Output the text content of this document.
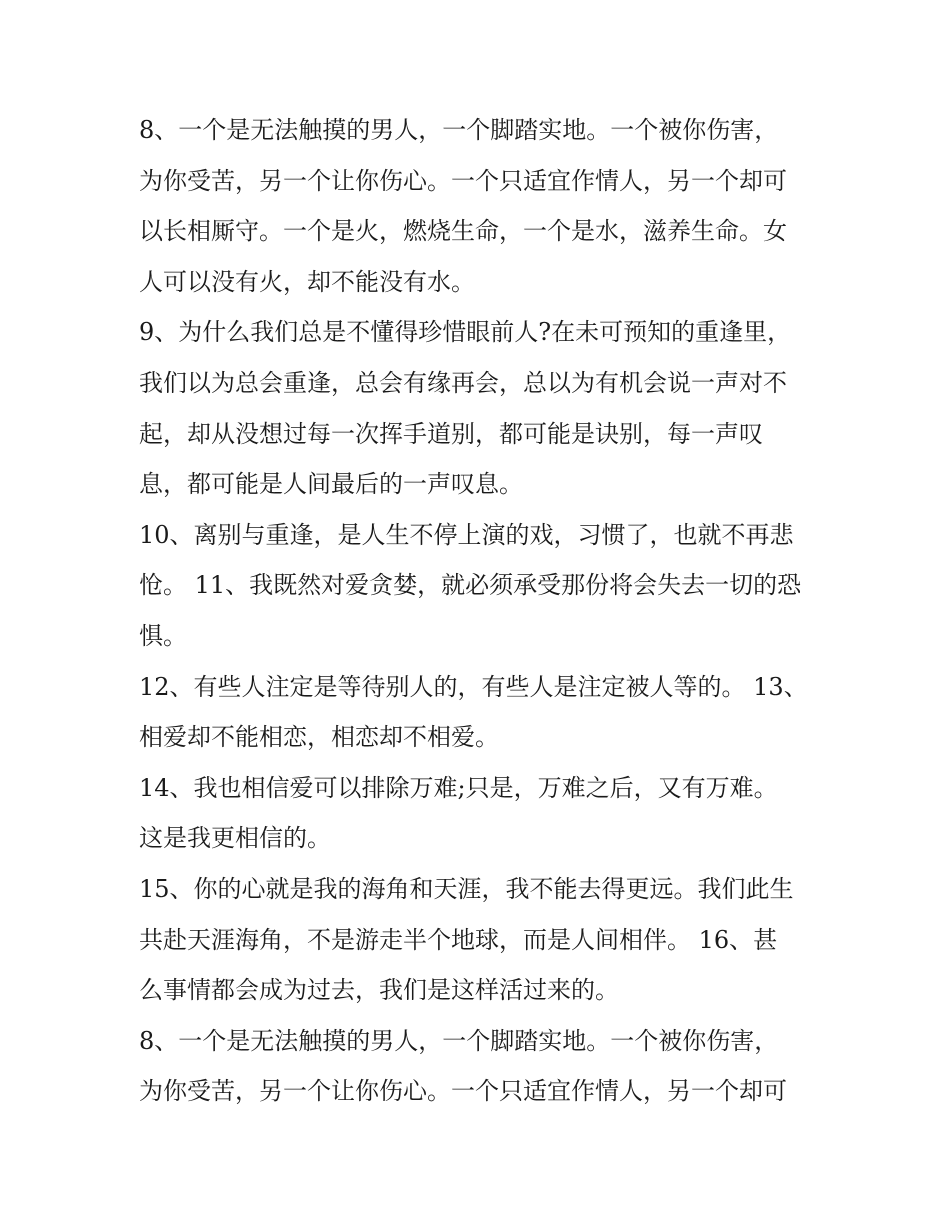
8、一个是无法触摸的男人，一个脚踏实地。一个被你伤害，
为你受苦，另一个让你伤心。一个只适宜作情人，另一个却可
以长相厮守。一个是火，燃烧生命，一个是水，滋养生命。女
人可以没有火，却不能没有水。
9、为什么我们总是不懂得珍惜眼前人?在未可预知的重逢里，
我们以为总会重逢，总会有缘再会，总以为有机会说一声对不
起，却从没想过每一次挥手道别，都可能是诀别，每一声叹
息，都可能是人间最后的一声叹息。
10、离别与重逢，是人生不停上演的戏，习惯了，也就不再悲
怆。 11、我既然对爱贪婪，就必须承受那份将会失去一切的恐
惧。
12、有些人注定是等待别人的，有些人是注定被人等的。 13、
相爱却不能相恋，相恋却不相爱。
14、我也相信爱可以排除万难;只是，万难之后，又有万难。
这是我更相信的。
15、你的心就是我的海角和天涯，我不能去得更远。我们此生
共赴天涯海角，不是游走半个地球，而是人间相伴。 16、甚
么事情都会成为过去，我们是这样活过来的。
8、一个是无法触摸的男人，一个脚踏实地。一个被你伤害，
为你受苦，另一个让你伤心。一个只适宜作情人，另一个却可
